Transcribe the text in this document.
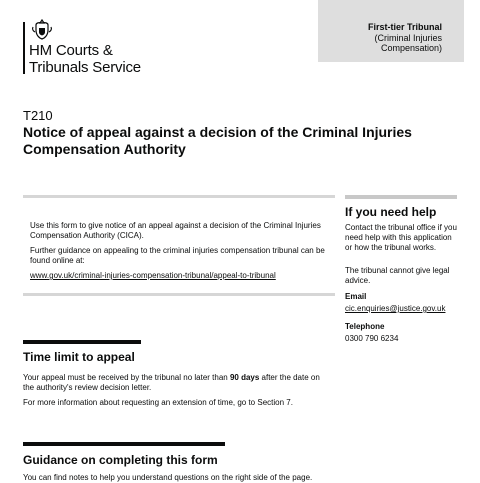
HM Courts &
Tribunals Service
First-tier Tribunal
(Criminal Injuries Compensation)
T210
Notice of appeal against a decision of the Criminal Injuries Compensation Authority
Use this form to give notice of an appeal against a decision of the Criminal Injuries Compensation Authority (CICA).
Further guidance on appealing to the criminal injuries compensation tribunal can be found online at:
www.gov.uk/criminal-injuries-compensation-tribunal/appeal-to-tribunal
If you need help
Contact the tribunal office if you need help with this application or how the tribunal works.
The tribunal cannot give legal advice.
Email
cic.enquiries@justice.gov.uk
Telephone
0300 790 6234
Time limit to appeal
Your appeal must be received by the tribunal no later than 90 days after the date on the authority's review decision letter.
For more information about requesting an extension of time, go to Section 7.
Guidance on completing this form
You can find notes to help you understand questions on the right side of the page.
